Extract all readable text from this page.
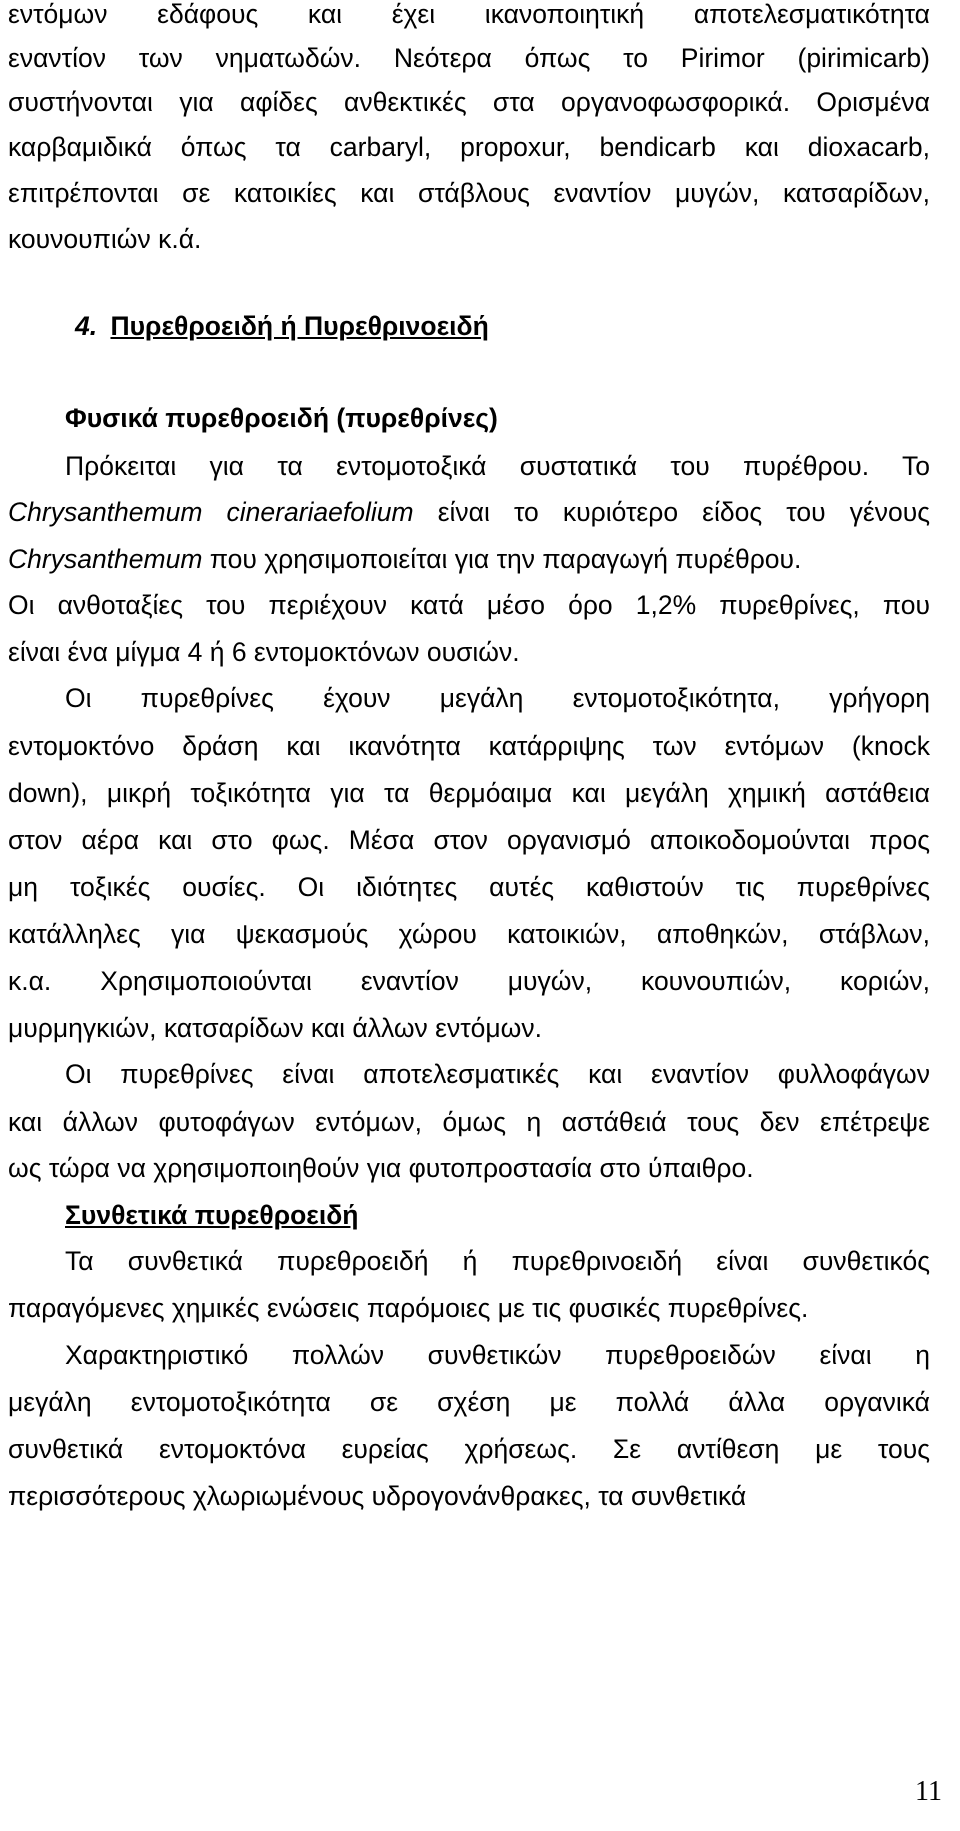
εντόμων εδάφους και έχει ικανοποιητική αποτελεσματικότητα
εναντίον των νηματωδών. Νεότερα όπως το Pirimor (pirimicarb)
συστήνονται για αφίδες ανθεκτικές στα οργανοφωσφορικά. Ορισμένα
καρβαμιδικά όπως τα carbaryl, propoxur, bendicarb και dioxacarb,
επιτρέπονται σε κατοικίες και στάβλους εναντίον μυγών, κατσαρίδων,
κουνουπιών κ.ά.
4. Πυρεθροειδή ή Πυρεθρινοειδή
Φυσικά πυρεθροειδή (πυρεθρίνες)
Πρόκειται για τα εντομοτοξικά συστατικά του πυρέθρου. Το
Chrysanthemum cinerariaefolium είναι το κυριότερο είδος του γένους
Chrysanthemum που χρησιμοποιείται για την παραγωγή πυρέθρου.
Οι ανθοταξίες του περιέχουν κατά μέσο όρο 1,2% πυρεθρίνες, που
είναι ένα μίγμα 4 ή 6 εντομοκτόνων ουσιών.
Οι πυρεθρίνες έχουν μεγάλη εντομοτοξικότητα, γρήγορη
εντομοκτόνο δράση και ικανότητα κατάρριψης των εντόμων (knock
down), μικρή τοξικότητα για τα θερμόαιμα και μεγάλη χημική αστάθεια
στον αέρα και στο φως. Μέσα στον οργανισμό αποικοδομούνται προς
μη τοξικές ουσίες. Οι ιδιότητες αυτές καθιστούν τις πυρεθρίνες
κατάλληλες για ψεκασμούς χώρου κατοικιών, αποθηκών, στάβλων,
κ.α. Χρησιμοποιούνται εναντίον μυγών, κουνουπιών, κοριών,
μυρμηγκιών, κατσαρίδων και άλλων εντόμων.
Οι πυρεθρίνες είναι αποτελεσματικές και εναντίον φυλλοφάγων
και άλλων φυτοφάγων εντόμων, όμως η αστάθειά τους δεν επέτρεψε
ως τώρα να χρησιμοποιηθούν για φυτοπροστασία στο ύπαιθρο.
Συνθετικά πυρεθροειδή
Τα συνθετικά πυρεθροειδή ή πυρεθρινοειδή είναι συνθετικός
παραγόμενες χημικές ενώσεις παρόμοιες με τις φυσικές πυρεθρίνες.
Χαρακτηριστικό πολλών συνθετικών πυρεθροειδών είναι η
μεγάλη εντομοτοξικότητα σε σχέση με πολλά άλλα οργανικά
συνθετικά εντομοκτόνα ευρείας χρήσεως. Σε αντίθεση με τους
περισσότερους χλωριωμένους υδρογονάνθρακες, τα συνθετικά
11
